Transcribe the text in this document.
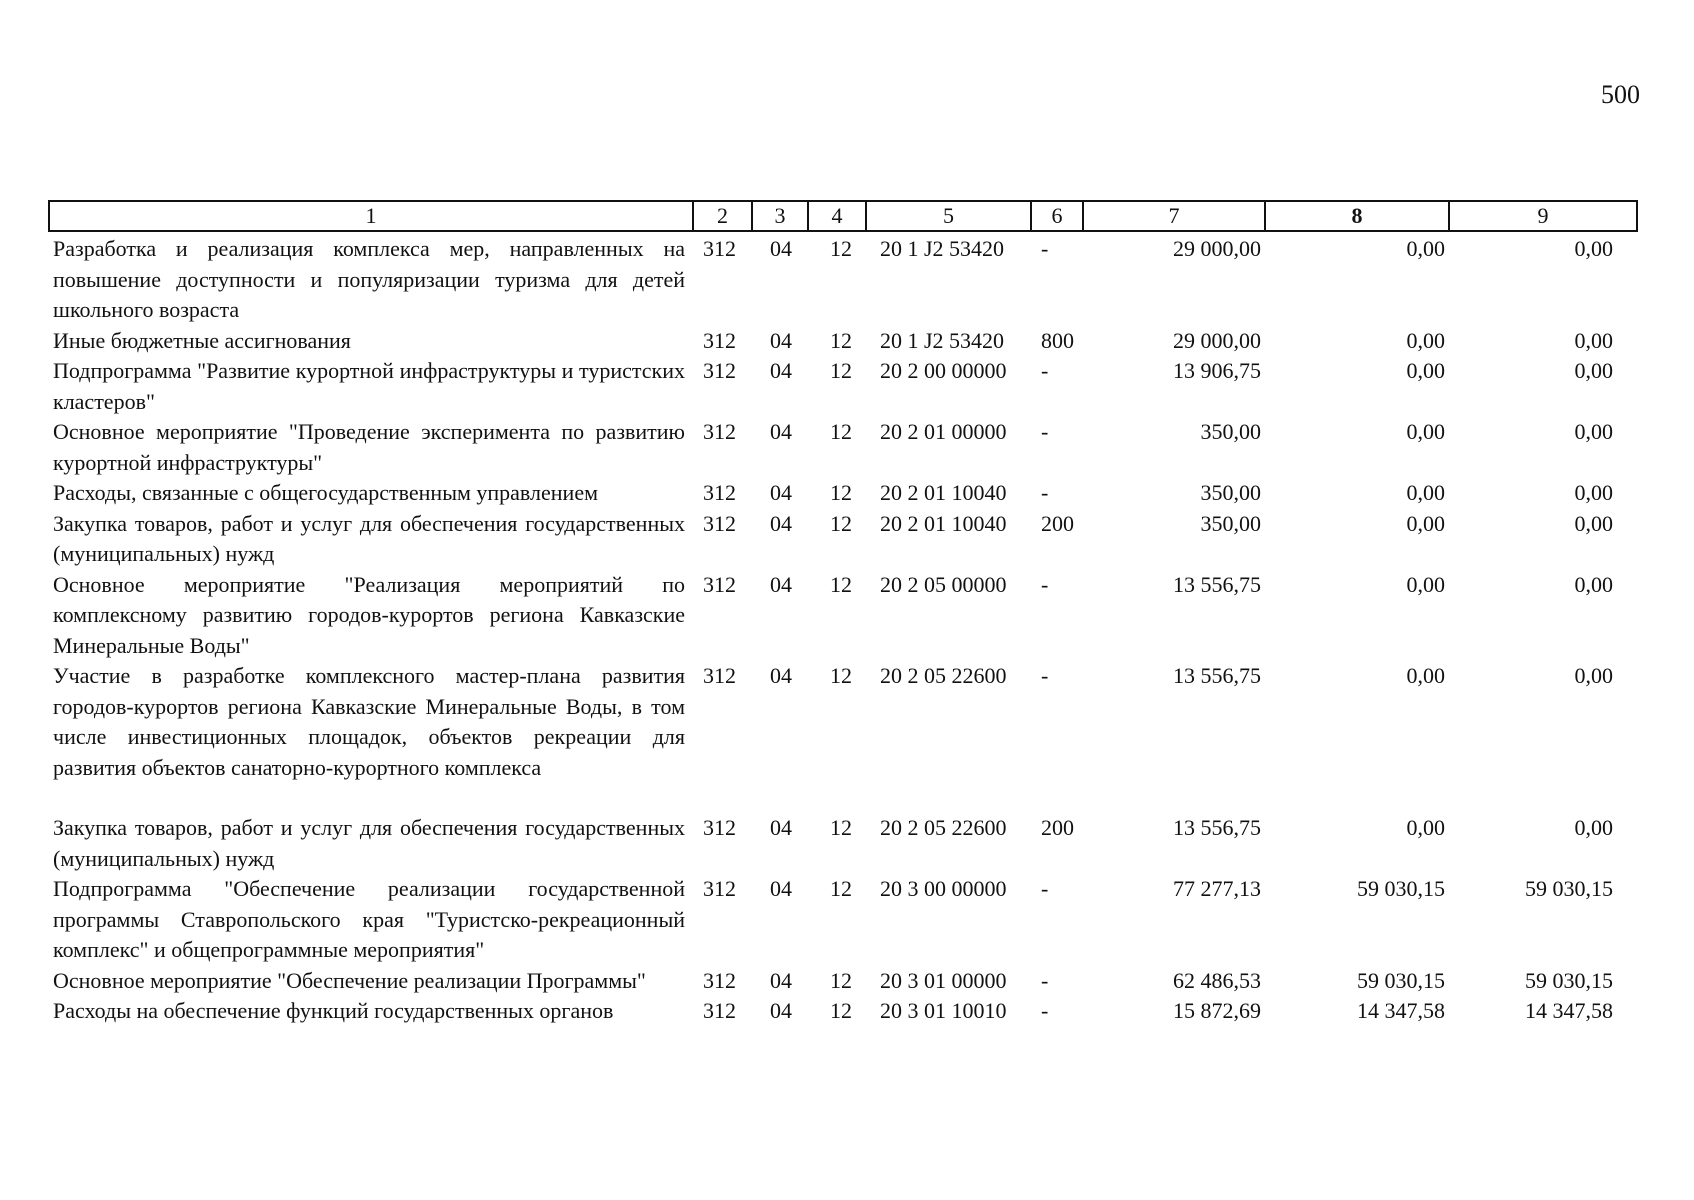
500
1	2	3	4	5	6	7	8	9
Разработка и реализация комплекса мер, направленных на повышение доступности и популяризации туризма для детей школьного возраста	312	04	12	20 1 J2 53420	-	29 000,00	0,00	0,00
Иные бюджетные ассигнования	312	04	12	20 1 J2 53420	800	29 000,00	0,00	0,00
Подпрограмма "Развитие курортной инфраструктуры и туристских кластеров"	312	04	12	20 2 00 00000	-	13 906,75	0,00	0,00
Основное мероприятие "Проведение эксперимента по развитию курортной инфраструктуры"	312	04	12	20 2 01 00000	-	350,00	0,00	0,00
Расходы, связанные с общегосударственным управлением	312	04	12	20 2 01 10040	-	350,00	0,00	0,00
Закупка товаров, работ и услуг для обеспечения государственных (муниципальных) нужд	312	04	12	20 2 01 10040	200	350,00	0,00	0,00
Основное мероприятие "Реализация мероприятий по комплексному развитию городов-курортов региона Кавказские Минеральные Воды"	312	04	12	20 2 05 00000	-	13 556,75	0,00	0,00
Участие в разработке комплексного мастер-плана развития городов-курортов региона Кавказские Минеральные Воды, в том числе инвестиционных площадок, объектов рекреации для развития объектов санаторно-курортного комплекса	312	04	12	20 2 05 22600	-	13 556,75	0,00	0,00

Закупка товаров, работ и услуг для обеспечения государственных (муниципальных) нужд	312	04	12	20 2 05 22600	200	13 556,75	0,00	0,00
Подпрограмма "Обеспечение реализации государственной программы Ставропольского края "Туристско-рекреационный комплекс" и общепрограммные мероприятия"	312	04	12	20 3 00 00000	-	77 277,13	59 030,15	59 030,15
Основное мероприятие "Обеспечение реализации Программы"	312	04	12	20 3 01 00000	-	62 486,53	59 030,15	59 030,15
Расходы на обеспечение функций государственных органов	312	04	12	20 3 01 10010	-	15 872,69	14 347,58	14 347,58
